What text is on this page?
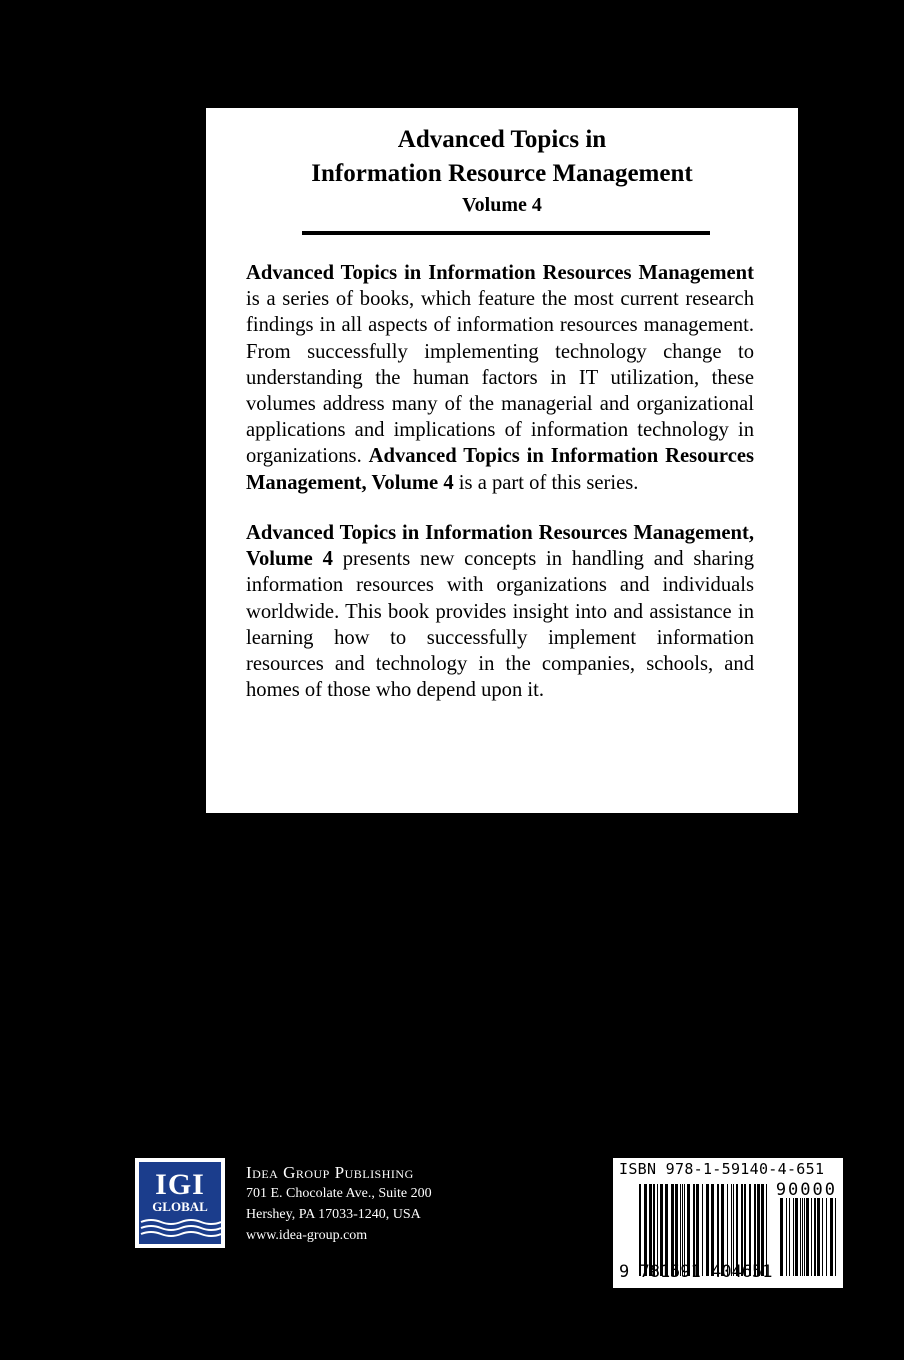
Advanced Topics in
Information Resource Management
Volume 4
Advanced Topics in Information Resources Management is a series of books, which feature the most current research findings in all aspects of information resources management. From successfully implementing technology change to understanding the human factors in IT utilization, these volumes address many of the managerial and organizational applications and implications of information technology in organizations. Advanced Topics in Information Resources Management, Volume 4 is a part of this series.
Advanced Topics in Information Resources Management, Volume 4 presents new concepts in handling and sharing information resources with organizations and individuals worldwide. This book provides insight into and assistance in learning how to successfully implement information resources and technology in the companies, schools, and homes of those who depend upon it.
IGI
GLOBAL
Idea Group Publishing
701 E. Chocolate Ave., Suite 200
Hershey, PA 17033-1240, USA
www.idea-group.com
ISBN 978-1-59140-4-651
90000
9 781591 404651
